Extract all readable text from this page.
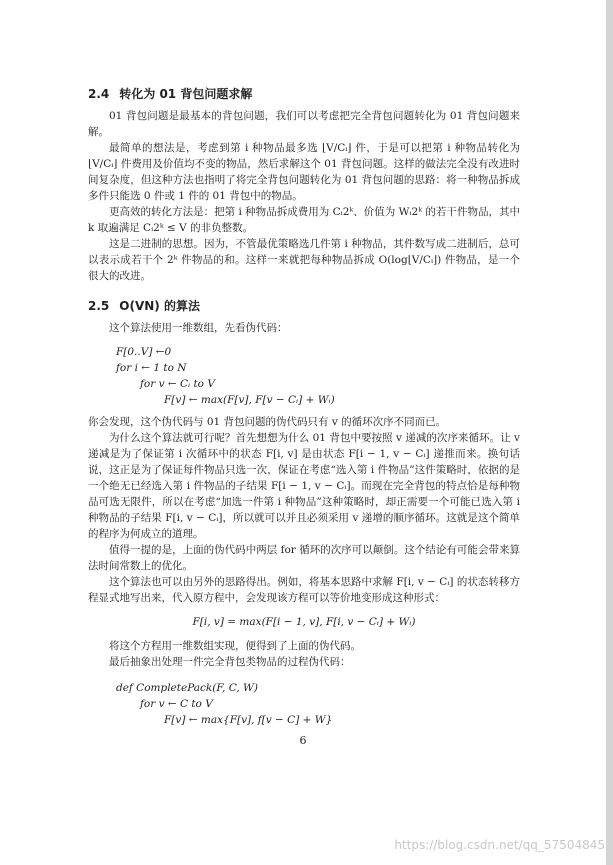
2.4 转化为 01 背包问题求解

01 背包问题是最基本的背包问题，我们可以考虑把完全背包问题转化为 01 背包问题来解。

最简单的想法是，考虑到第 i 种物品最多选 ⌊V/Cᵢ⌋ 件，于是可以把第 i 种物品转化为 ⌊V/Cᵢ⌋ 件费用及价值均不变的物品，然后求解这个 01 背包问题。这样的做法完全没有改进时间复杂度，但这种方法也指明了将完全背包问题转化为 01 背包问题的思路：将一种物品拆成多件只能选 0 件或 1 件的 01 背包中的物品。

更高效的转化方法是：把第 i 种物品拆成费用为 Cᵢ2ᵏ、价值为 Wᵢ2ᵏ 的若干件物品，其中 k 取遍满足 Cᵢ2ᵏ ≤ V 的非负整数。

这是二进制的思想。因为，不管最优策略选几件第 i 种物品，其件数写成二进制后，总可以表示成若干个 2ᵏ 件物品的和。这样一来就把每种物品拆成 O(log⌊V/Cᵢ⌋) 件物品，是一个很大的改进。

2.5 O(VN) 的算法

这个算法使用一维数组，先看伪代码：

F[0..V] ←0
for i ← 1 to N
for v ← Cᵢ to V
F[v] ← max(F[v], F[v − Cᵢ] + Wᵢ)

你会发现，这个伪代码与 01 背包问题的伪代码只有 v 的循环次序不同而已。

为什么这个算法就可行呢？首先想想为什么 01 背包中要按照 v 递减的次序来循环。让 v 递减是为了保证第 i 次循环中的状态 F[i, v] 是由状态 F[i − 1, v − Cᵢ] 递推而来。换句话说，这正是为了保证每件物品只选一次，保证在考虑“选入第 i 件物品”这件策略时，依据的是一个绝无已经选入第 i 件物品的子结果 F[i − 1, v − Cᵢ]。而现在完全背包的特点恰是每种物品可选无限件，所以在考虑“加选一件第 i 种物品”这种策略时，却正需要一个可能已选入第 i 种物品的子结果 F[i, v − Cᵢ]，所以就可以并且必须采用 v 递增的顺序循环。这就是这个简单的程序为何成立的道理。

值得一提的是，上面的伪代码中两层 for 循环的次序可以颠倒。这个结论有可能会带来算法时间常数上的优化。

这个算法也可以由另外的思路得出。例如，将基本思路中求解 F[i, v − Cᵢ] 的状态转移方程显式地写出来，代入原方程中，会发现该方程可以等价地变形成这种形式：

F[i, v] = max(F[i − 1, v], F[i, v − Cᵢ] + Wᵢ)

将这个方程用一维数组实现，便得到了上面的伪代码。

最后抽象出处理一件完全背包类物品的过程伪代码：

def CompletePack(F, C, W)
for v ← C to V
F[v] ← max{F[v], f[v − C] + W}
6
https://blog.csdn.net/qq_57504845
